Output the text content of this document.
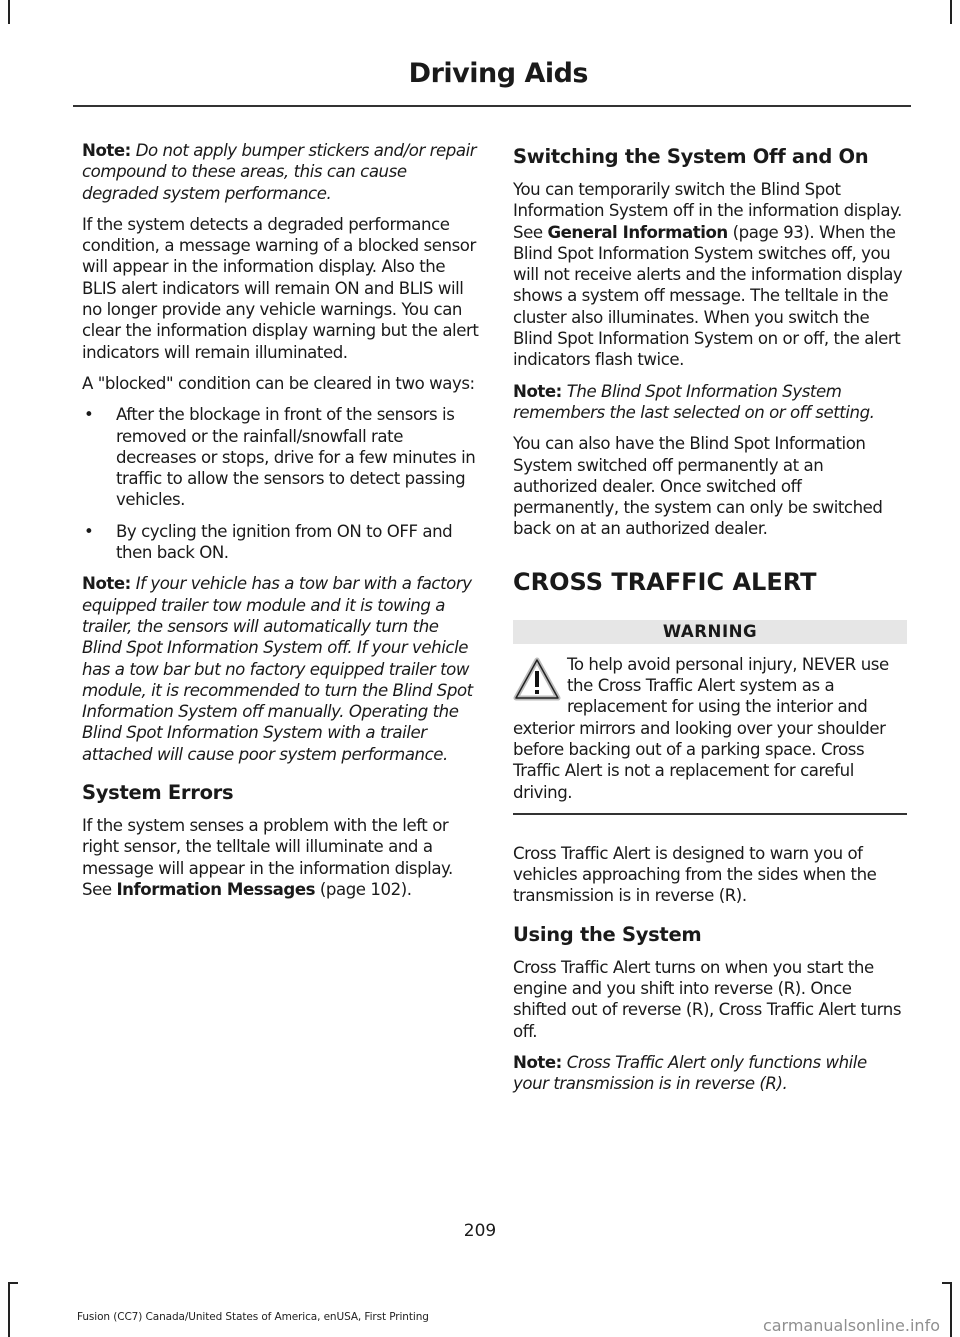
Driving Aids

Note: Do not apply bumper stickers and/or repair compound to these areas, this can cause degraded system performance.

If the system detects a degraded performance condition, a message warning of a blocked sensor will appear in the information display. Also the BLIS alert indicators will remain ON and BLIS will no longer provide any vehicle warnings. You can clear the information display warning but the alert indicators will remain illuminated.

A "blocked" condition can be cleared in two ways:

• After the blockage in front of the sensors is removed or the rainfall/snowfall rate decreases or stops, drive for a few minutes in traffic to allow the sensors to detect passing vehicles.
• By cycling the ignition from ON to OFF and then back ON.

Note: If your vehicle has a tow bar with a factory equipped trailer tow module and it is towing a trailer, the sensors will automatically turn the Blind Spot Information System off. If your vehicle has a tow bar but no factory equipped trailer tow module, it is recommended to turn the Blind Spot Information System off manually. Operating the Blind Spot Information System with a trailer attached will cause poor system performance.

System Errors

If the system senses a problem with the left or right sensor, the telltale will illuminate and a message will appear in the information display. See Information Messages (page 102).

Switching the System Off and On

You can temporarily switch the Blind Spot Information System off in the information display. See General Information (page 93). When the Blind Spot Information System switches off, you will not receive alerts and the information display shows a system off message. The telltale in the cluster also illuminates. When you switch the Blind Spot Information System on or off, the alert indicators flash twice.

Note: The Blind Spot Information System remembers the last selected on or off setting.

You can also have the Blind Spot Information System switched off permanently at an authorized dealer. Once switched off permanently, the system can only be switched back on at an authorized dealer.

CROSS TRAFFIC ALERT
WARNING
To help avoid personal injury, NEVER use the Cross Traffic Alert system as a replacement for using the interior and exterior mirrors and looking over your shoulder before backing out of a parking space. Cross Traffic Alert is not a replacement for careful driving.

Cross Traffic Alert is designed to warn you of vehicles approaching from the sides when the transmission is in reverse (R).

Using the System

Cross Traffic Alert turns on when you start the engine and you shift into reverse (R). Once shifted out of reverse (R), Cross Traffic Alert turns off.

Note: Cross Traffic Alert only functions while your transmission is in reverse (R).

209
Fusion (CC7) Canada/United States of America, enUSA, First Printing	carmanualsonline.info
